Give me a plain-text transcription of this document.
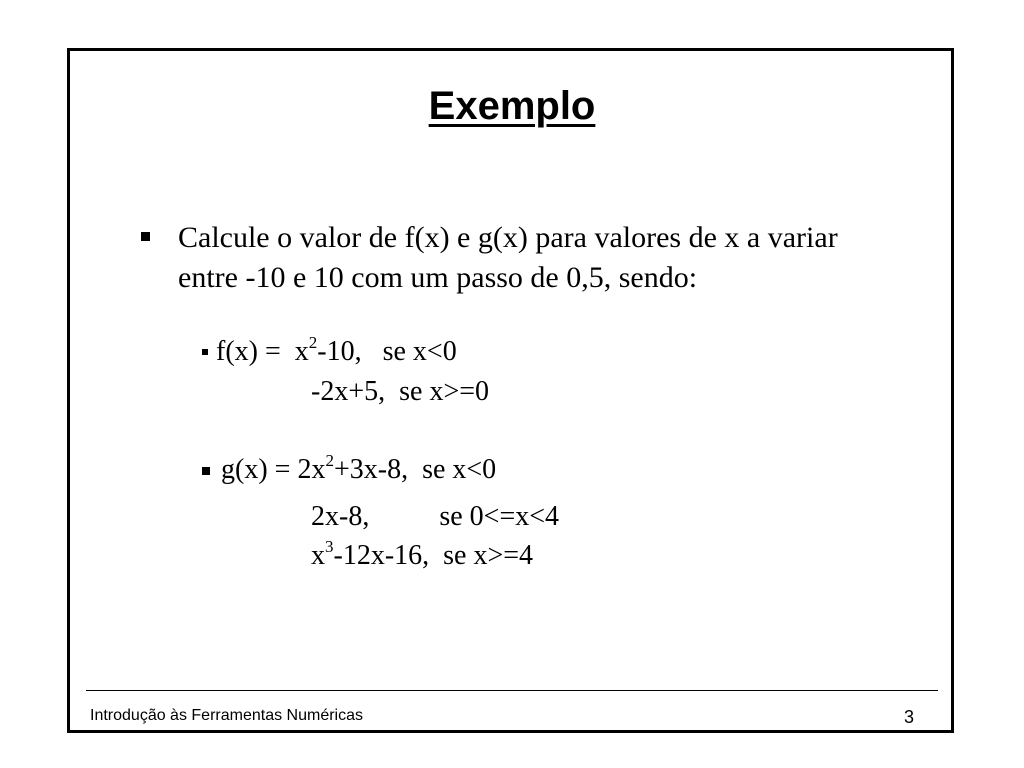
Exemplo
Calcule o valor de f(x) e g(x) para valores de x a variar entre -10 e 10 com um passo de 0,5, sendo:
$f(x) = x^2-10$,   se x<0
-2x+5,  se x>=0
$g(x) = 2x^2+3x-8$,  se x<0
2x-8,          se 0<=x<4
$x^3-12x-16$,  se x>=4
Introdução às Ferramentas Numéricas	3
